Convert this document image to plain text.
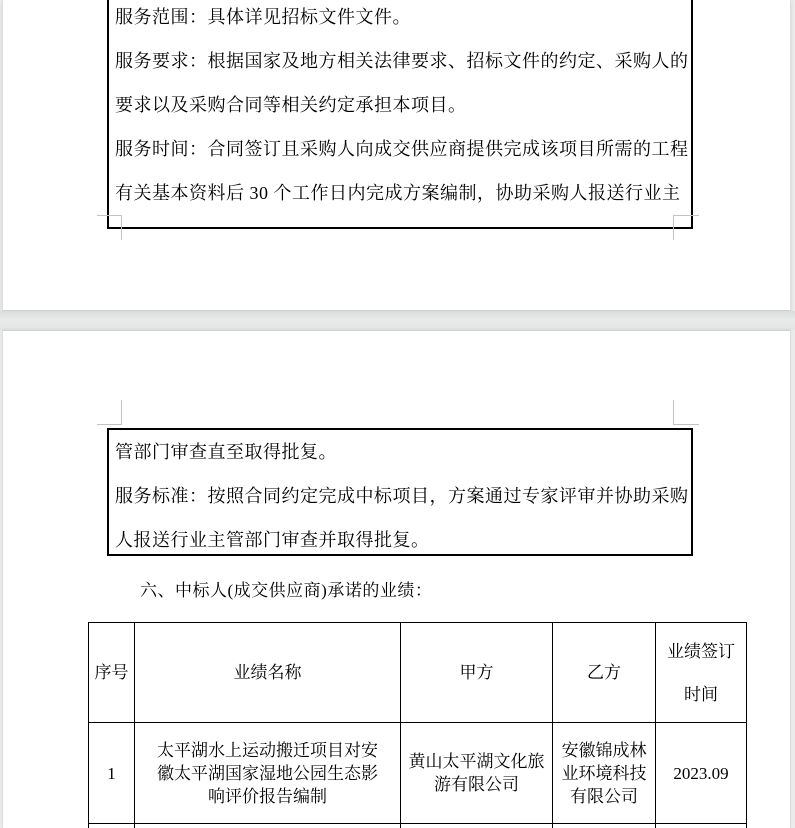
服务范围：具体详见招标文件文件。
服务要求：根据国家及地方相关法律要求、招标文件的约定、采购人的
要求以及采购合同等相关约定承担本项目。
服务时间：合同签订且采购人向成交供应商提供完成该项目所需的工程
有关基本资料后 30 个工作日内完成方案编制，协助采购人报送行业主
管部门审查直至取得批复。
服务标准：按照合同约定完成中标项目，方案通过专家评审并协助采购
人报送行业主管部门审查并取得批复。
六、中标人(成交供应商)承诺的业绩：
序号	业绩名称	甲方	乙方	业绩签订时间
1	太平湖水上运动搬迁项目对安徽太平湖国家湿地公园生态影响评价报告编制	黄山太平湖文化旅游有限公司	安徽锦成林业环境科技有限公司	2023.09
